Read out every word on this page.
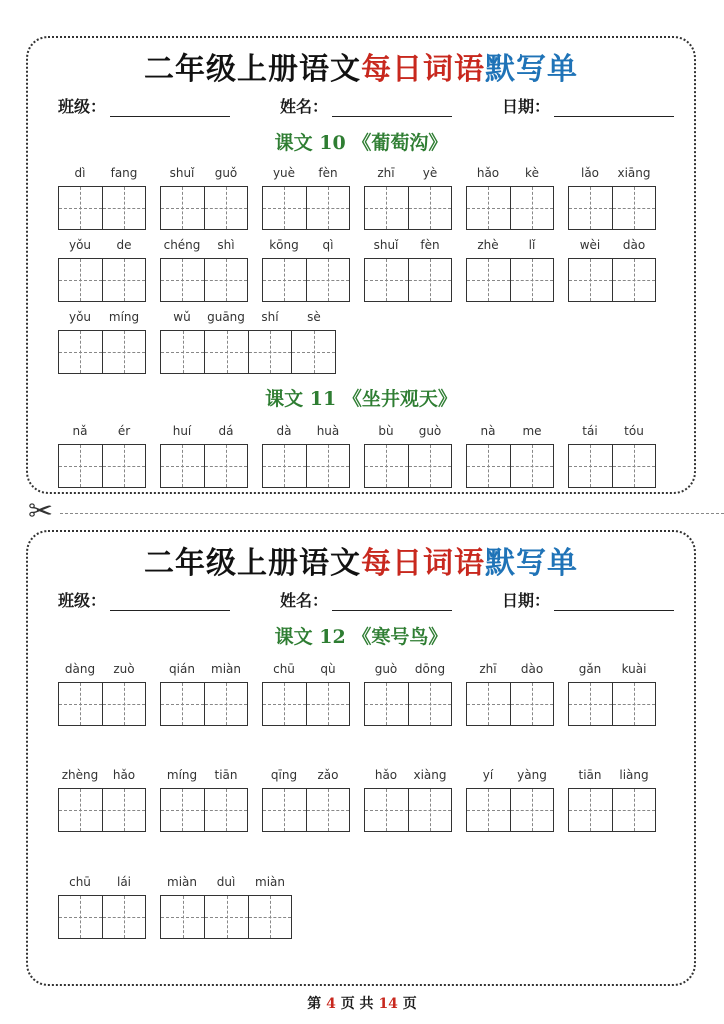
二年级上册语文每日词语默写单
班级：	姓名：	日期：
课文 10 《葡萄沟》
dì	fang	shuǐ	guǒ	yuè	fèn	zhī	yè	hǎo	kè	lǎo	xiāng
yǒu	de	chéng	shì	kōng	qì	shuǐ	fèn	zhè	lǐ	wèi	dào
yǒu	míng	wǔ	guāng	shí	sè
课文 11 《坐井观天》
nǎ	ér	huí	dá	dà	huà	bù	guò	nà	me	tái	tóu
✂
二年级上册语文每日词语默写单
班级：	姓名：	日期：
课文 12 《寒号鸟》
dàng	zuò	qián	miàn	chū	qù	guò	dōng	zhī	dào	gǎn	kuài
zhèng	hǎo	míng	tiān	qīng	zǎo	hǎo	xiàng	yí	yàng	tiān	liàng
chū	lái	miàn	duì	miàn
第 4 页 共 14 页
